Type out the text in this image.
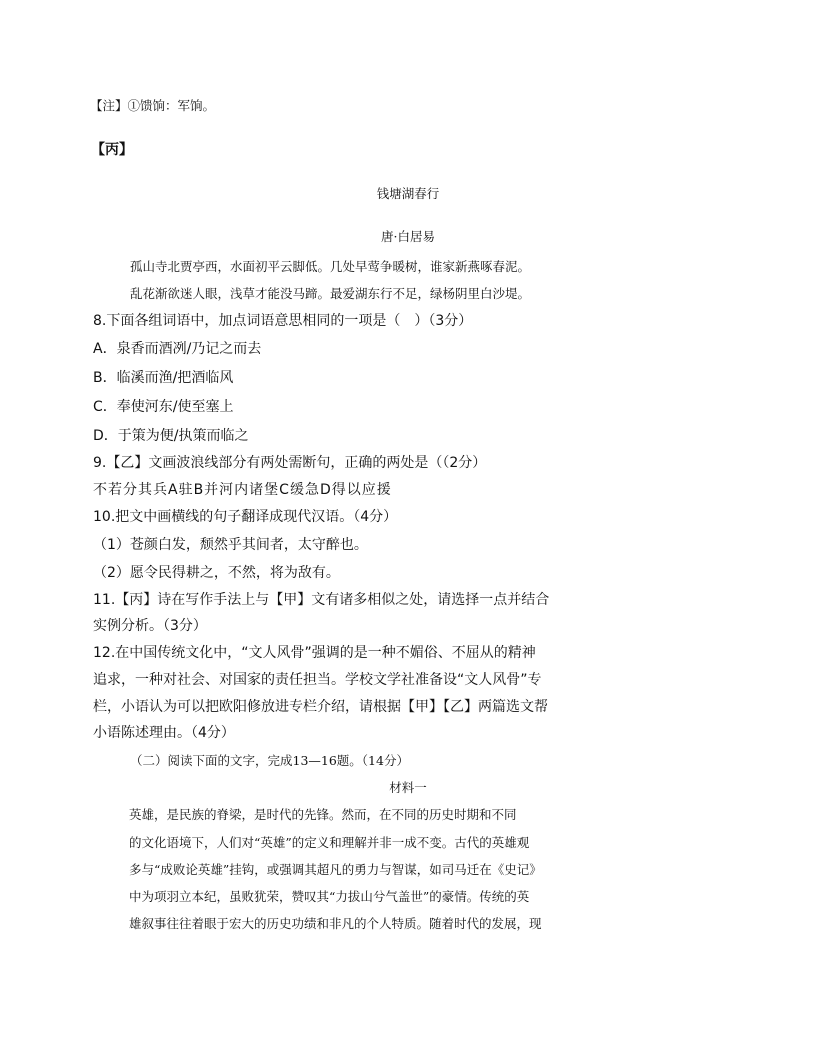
【注】①馈饷：军饷。
【丙】
钱塘湖春行
唐·白居易
孤山寺北贾亭西，水面初平云脚低。几处早莺争暖树，谁家新燕啄春泥。
乱花渐欲迷人眼，浅草才能没马蹄。最爱湖东行不足，绿杨阴里白沙堤。
8.下面各组词语中，加点词语意思相同的一项是（　）（3分）
A．泉香而酒冽/乃记之而去
B．临溪而渔/把酒临风
C．奉使河东/使至塞上
D．于策为便/执策而临之
9.【乙】文画波浪线部分有两处需断句，正确的两处是（（2分）
不若分其兵A驻B并河内诸堡C缓急D得以应援
10.把文中画横线的句子翻译成现代汉语。（4分）
（1）苍颜白发，颓然乎其间者，太守醉也。
（2）愿令民得耕之，不然，将为敌有。
11.【丙】诗在写作手法上与【甲】文有诸多相似之处，请选择一点并结合
实例分析。（3分）
12.在中国传统文化中，“文人风骨”强调的是一种不媚俗、不屈从的精神
追求，一种对社会、对国家的责任担当。学校文学社准备设“文人风骨”专
栏，小语认为可以把欧阳修放进专栏介绍，请根据【甲】【乙】两篇选文帮
小语陈述理由。（4分）
（二）阅读下面的文字，完成13—16题。（14分）
材料一
英雄，是民族的脊梁，是时代的先锋。然而，在不同的历史时期和不同
的文化语境下，人们对“英雄”的定义和理解并非一成不变。古代的英雄观
多与“成败论英雄”挂钩，或强调其超凡的勇力与智谋，如司马迁在《史记》
中为项羽立本纪，虽败犹荣，赞叹其“力拔山兮气盖世”的豪情。传统的英
雄叙事往往着眼于宏大的历史功绩和非凡的个人特质。随着时代的发展，现
